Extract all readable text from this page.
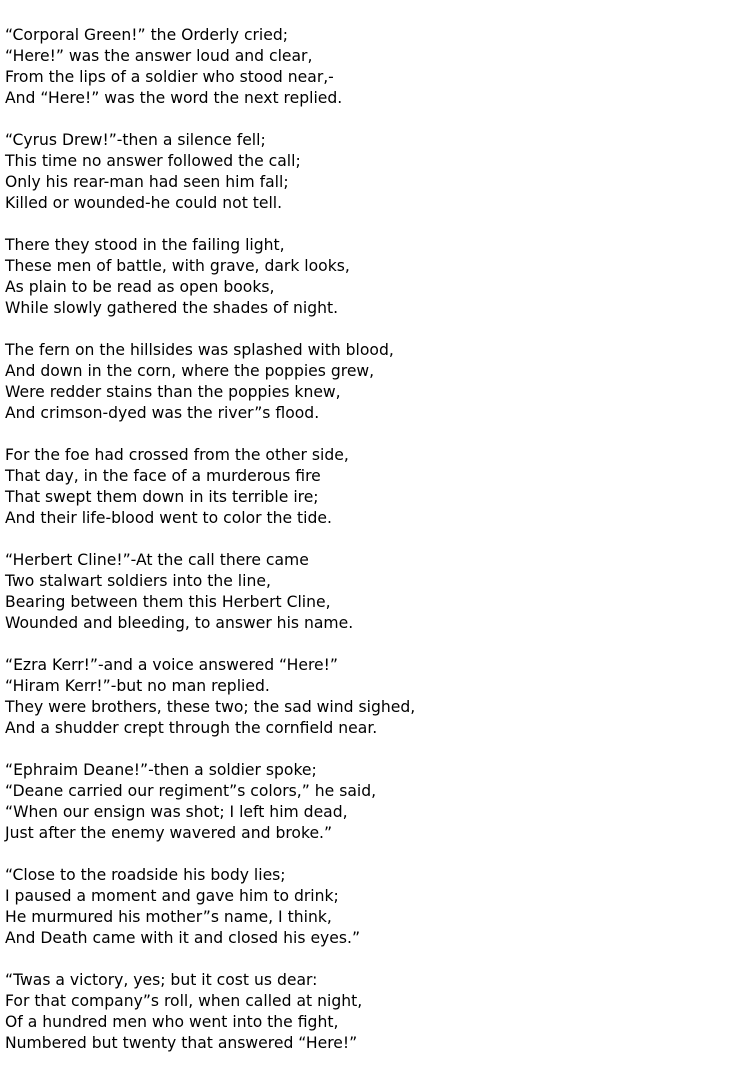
“Corporal Green!” the Orderly cried;
“Here!” was the answer loud and clear,
From the lips of a soldier who stood near,-
And “Here!” was the word the next replied.
“Cyrus Drew!”-then a silence fell;
This time no answer followed the call;
Only his rear-man had seen him fall;
Killed or wounded-he could not tell.
There they stood in the failing light,
These men of battle, with grave, dark looks,
As plain to be read as open books,
While slowly gathered the shades of night.
The fern on the hillsides was splashed with blood,
And down in the corn, where the poppies grew,
Were redder stains than the poppies knew,
And crimson-dyed was the river”s flood.
For the foe had crossed from the other side,
That day, in the face of a murderous fire
That swept them down in its terrible ire;
And their life-blood went to color the tide.
“Herbert Cline!”-At the call there came
Two stalwart soldiers into the line,
Bearing between them this Herbert Cline,
Wounded and bleeding, to answer his name.
“Ezra Kerr!”-and a voice answered “Here!”
“Hiram Kerr!”-but no man replied.
They were brothers, these two; the sad wind sighed,
And a shudder crept through the cornfield near.
“Ephraim Deane!”-then a soldier spoke;
“Deane carried our regiment”s colors,” he said,
“When our ensign was shot; I left him dead,
Just after the enemy wavered and broke.”
“Close to the roadside his body lies;
I paused a moment and gave him to drink;
He murmured his mother”s name, I think,
And Death came with it and closed his eyes.”
“Twas a victory, yes; but it cost us dear:
For that company”s roll, when called at night,
Of a hundred men who went into the fight,
Numbered but twenty that answered “Here!”
